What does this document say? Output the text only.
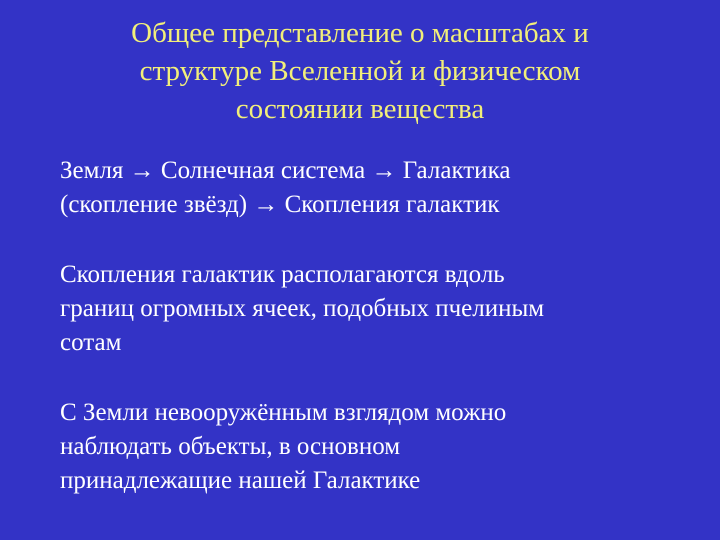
Общее представление о масштабах и
структуре Вселенной и физическом
состоянии вещества

Земля → Солнечная система → Галактика
(скопление звёзд) → Скопления галактик

Скопления галактик располагаются вдоль
границ огромных ячеек, подобных пчелиным
сотам

С Земли невооружённым взглядом можно
наблюдать объекты, в основном
принадлежащие нашей Галактике
